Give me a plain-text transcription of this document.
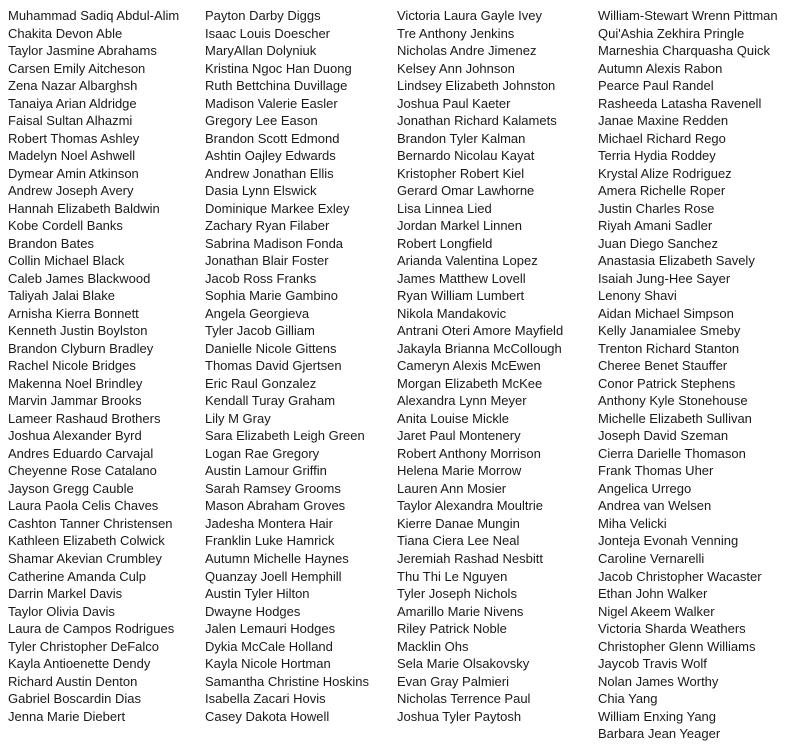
Muhammad Sadiq Abdul-Alim
Chakita Devon Able
Taylor Jasmine Abrahams
Carsen Emily Aitcheson
Zena Nazar Albarghsh
Tanaiya Arian Aldridge
Faisal Sultan Alhazmi
Robert Thomas Ashley
Madelyn Noel Ashwell
Dymear Amin Atkinson
Andrew Joseph Avery
Hannah Elizabeth Baldwin
Kobe Cordell Banks
Brandon Bates
Collin Michael Black
Caleb James Blackwood
Taliyah Jalai Blake
Arnisha Kierra Bonnett
Kenneth Justin Boylston
Brandon Clyburn Bradley
Rachel Nicole Bridges
Makenna Noel Brindley
Marvin Jammar Brooks
Lameer Rashaud Brothers
Joshua Alexander Byrd
Andres Eduardo Carvajal
Cheyenne Rose Catalano
Jayson Gregg Cauble
Laura Paola Celis Chaves
Cashton Tanner Christensen
Kathleen Elizabeth Colwick
Shamar Akevian Crumbley
Catherine Amanda Culp
Darrin Markel Davis
Taylor Olivia Davis
Laura de Campos Rodrigues
Tyler Christopher DeFalco
Kayla Antioenette Dendy
Richard Austin Denton
Gabriel Boscardin Dias
Jenna Marie Diebert
Payton Darby Diggs
Isaac Louis Doescher
MaryAllan Dolyniuk
Kristina Ngoc Han Duong
Ruth Bettchina Duvillage
Madison Valerie Easler
Gregory Lee Eason
Brandon Scott Edmond
Ashtin Oajley Edwards
Andrew Jonathan Ellis
Dasia Lynn Elswick
Dominique Markee Exley
Zachary Ryan Filaber
Sabrina Madison Fonda
Jonathan Blair Foster
Jacob Ross Franks
Sophia Marie Gambino
Angela Georgieva
Tyler Jacob Gilliam
Danielle Nicole Gittens
Thomas David Gjertsen
Eric Raul Gonzalez
Kendall Turay Graham
Lily M Gray
Sara Elizabeth Leigh Green
Logan Rae Gregory
Austin Lamour Griffin
Sarah Ramsey Grooms
Mason Abraham Groves
Jadesha Montera Hair
Franklin Luke Hamrick
Autumn Michelle Haynes
Quanzay Joell Hemphill
Austin Tyler Hilton
Dwayne Hodges
Jalen Lemauri Hodges
Dykia McCale Holland
Kayla Nicole Hortman
Samantha Christine Hoskins
Isabella Zacari Hovis
Casey Dakota Howell
Victoria Laura Gayle Ivey
Tre Anthony Jenkins
Nicholas Andre Jimenez
Kelsey Ann Johnson
Lindsey Elizabeth Johnston
Joshua Paul Kaeter
Jonathan Richard Kalamets
Brandon Tyler Kalman
Bernardo Nicolau Kayat
Kristopher Robert Kiel
Gerard Omar Lawhorne
Lisa Linnea Lied
Jordan Markel Linnen
Robert Longfield
Arianda Valentina Lopez
James Matthew Lovell
Ryan William Lumbert
Nikola Mandakovic
Antrani Oteri Amore Mayfield
Jakayla Brianna McCollough
Cameryn Alexis McEwen
Morgan Elizabeth McKee
Alexandra Lynn Meyer
Anita Louise Mickle
Jaret Paul Montenery
Robert Anthony Morrison
Helena Marie Morrow
Lauren Ann Mosier
Taylor Alexandra Moultrie
Kierre Danae Mungin
Tiana Ciera Lee Neal
Jeremiah Rashad Nesbitt
Thu Thi Le Nguyen
Tyler Joseph Nichols
Amarillo Marie Nivens
Riley Patrick Noble
Macklin Ohs
Sela Marie Olsakovsky
Evan Gray Palmieri
Nicholas Terrence Paul
Joshua Tyler Paytosh
William-Stewart Wrenn Pittman
Qui'Ashia Zekhira Pringle
Marneshia Charquasha Quick
Autumn Alexis Rabon
Pearce Paul Randel
Rasheeda Latasha Ravenell
Janae Maxine Redden
Michael Richard Rego
Terria Hydia Roddey
Krystal Alize Rodriguez
Amera Richelle Roper
Justin Charles Rose
Riyah Amani Sadler
Juan Diego Sanchez
Anastasia Elizabeth Savely
Isaiah Jung-Hee Sayer
Lenony Shavi
Aidan Michael Simpson
Kelly Janamialee Smeby
Trenton Richard Stanton
Cheree Benet Stauffer
Conor Patrick Stephens
Anthony Kyle Stonehouse
Michelle Elizabeth Sullivan
Joseph David Szeman
Cierra Darielle Thomason
Frank Thomas Uher
Angelica Urrego
Andrea van Welsen
Miha Velicki
Jonteja Evonah Venning
Caroline Vernarelli
Jacob Christopher Wacaster
Ethan John Walker
Nigel Akeem Walker
Victoria Sharda Weathers
Christopher Glenn Williams
Jaycob Travis Wolf
Nolan James Worthy
Chia Yang
William Enxing Yang
Barbara Jean Yeager
